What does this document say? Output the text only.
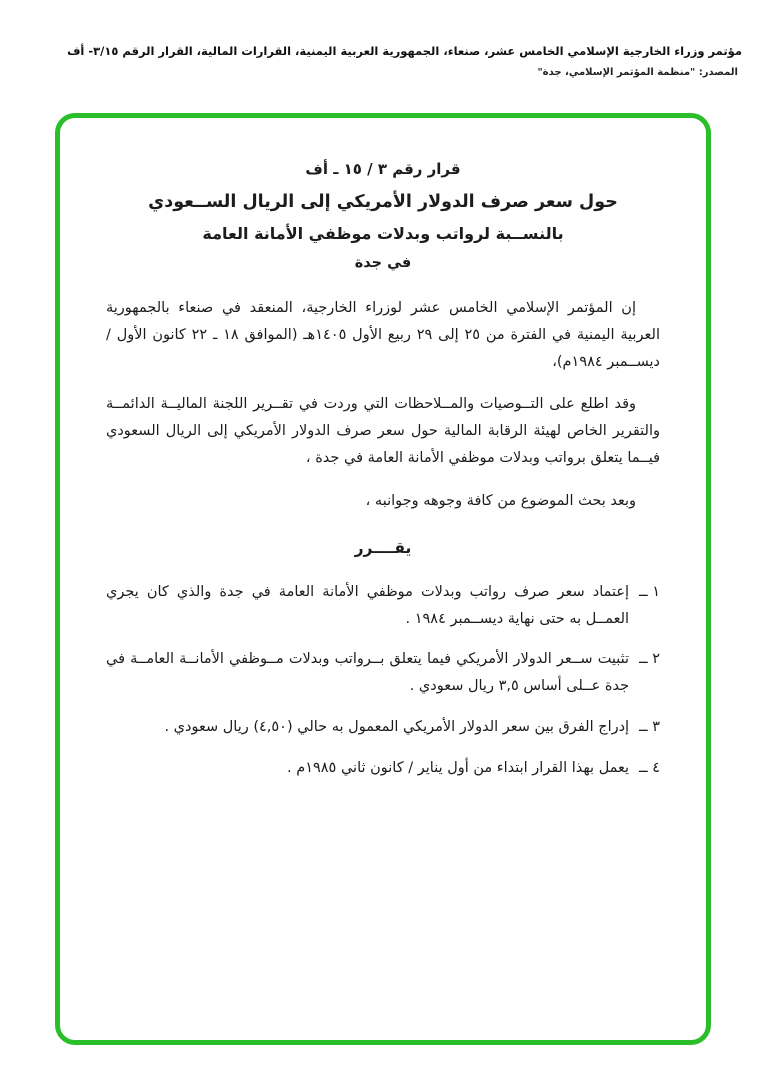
مؤتمر وزراء الخارجية الإسلامي الخامس عشر، صنعاء، الجمهورية العربية اليمنية، القرارات المالية، القرار الرقم ٣/١٥- أف
المصدر: "منظمة المؤتمر الإسلامي، جدة"
قرار رقم ٣ / ١٥ ـ أف
حول سعر صرف الدولار الأمريكي إلى الريال الســعودي
بالنســبة لرواتب وبدلات موظفي الأمانة العامة
في جدة

إن المؤتمر الإسلامي الخامس عشر لوزراء الخارجية، المنعقد في صنعاء بالجمهورية العربية اليمنية في الفترة من ٢٥ إلى ٢٩ ربيع الأول ١٤٠٥هـ (الموافق ١٨ ـ ٢٢ كانون الأول / ديســمبر ١٩٨٤م)،

وقد اطلع على التــوصيات والمــلاحظات التي وردت في تقــرير اللجنة الماليــة الدائمــة والتقرير الخاص لهيئة الرقابة المالية حول سعر صرف الدولار الأمريكي إلى الريال السعودي فيــما يتعلق برواتب وبدلات موظفي الأمانة العامة في جدة ،

وبعد بحث الموضوع من كافة وجوهه وجوانبه ،

يقــــرر
١ ــ
إعتماد سعر صرف رواتب وبدلات موظفي الأمانة العامة في جدة والذي كان يجري العمــل به حتى نهاية ديســمبر ١٩٨٤ .
٢ ــ
تثبيت ســعر الدولار الأمريكي فيما يتعلق بــرواتب وبدلات مــوظفي الأمانــة العامــة في جدة عــلى أساس ٣,٥ ريال سعودي .
٣ ــ
إدراج الفرق بين سعر الدولار الأمريكي المعمول به حالي (٤,٥٠) ريال سعودي .
٤ ــ
يعمل بهذا القرار ابتداء من أول يناير / كانون ثاني ١٩٨٥م .
